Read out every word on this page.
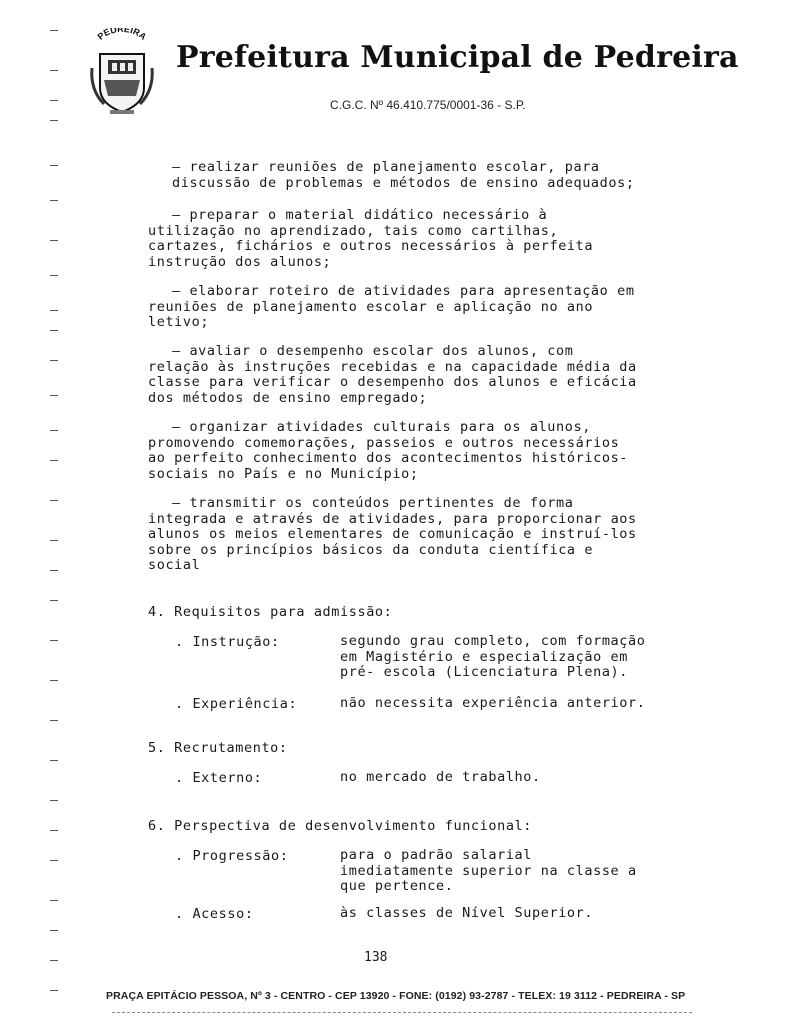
PEDREIRA
Prefeitura Municipal de Pedreira
C.G.C. Nº 46.410.775/0001-36 - S.P.
– realizar reuniões de planejamento escolar, para
discussão de problemas e métodos de ensino adequados;
– preparar o material didático necessário à
utilização no aprendizado, tais como cartilhas,
cartazes, fichários e outros necessários à perfeita
instrução dos alunos;
– elaborar roteiro de atividades para apresentação em
reuniões de planejamento escolar e aplicação no ano
letivo;
– avaliar o desempenho escolar dos alunos, com
relação às instruções recebidas e na capacidade média da
classe para verificar o desempenho dos alunos e eficácia
dos métodos de ensino empregado;
– organizar atividades culturais para os alunos,
promovendo comemorações, passeios e outros necessários
ao perfeito conhecimento dos acontecimentos históricos-
sociais no País e no Município;
– transmitir os conteúdos pertinentes de forma
integrada e através de atividades, para proporcionar aos
alunos os meios elementares de comunicação e instruí-los
sobre os princípios básicos da conduta científica e
social
4. Requisitos para admissão:
. Instrução:	segundo grau completo, com formação
em Magistério e especialização em
pré- escola (Licenciatura Plena).
. Experiência:	não necessita experiência anterior.
5. Recrutamento:
. Externo:	no mercado de trabalho.
6. Perspectiva de desenvolvimento funcional:
. Progressão:	para o padrão salarial
imediatamente superior na classe a
que pertence.
. Acesso:	às classes de Nível Superior.
138
PRAÇA EPITÁCIO PESSOA, Nº 3 - CENTRO - CEP 13920 - FONE: (0192) 93-2787 - TELEX: 19 3112 - PEDREIRA - SP
